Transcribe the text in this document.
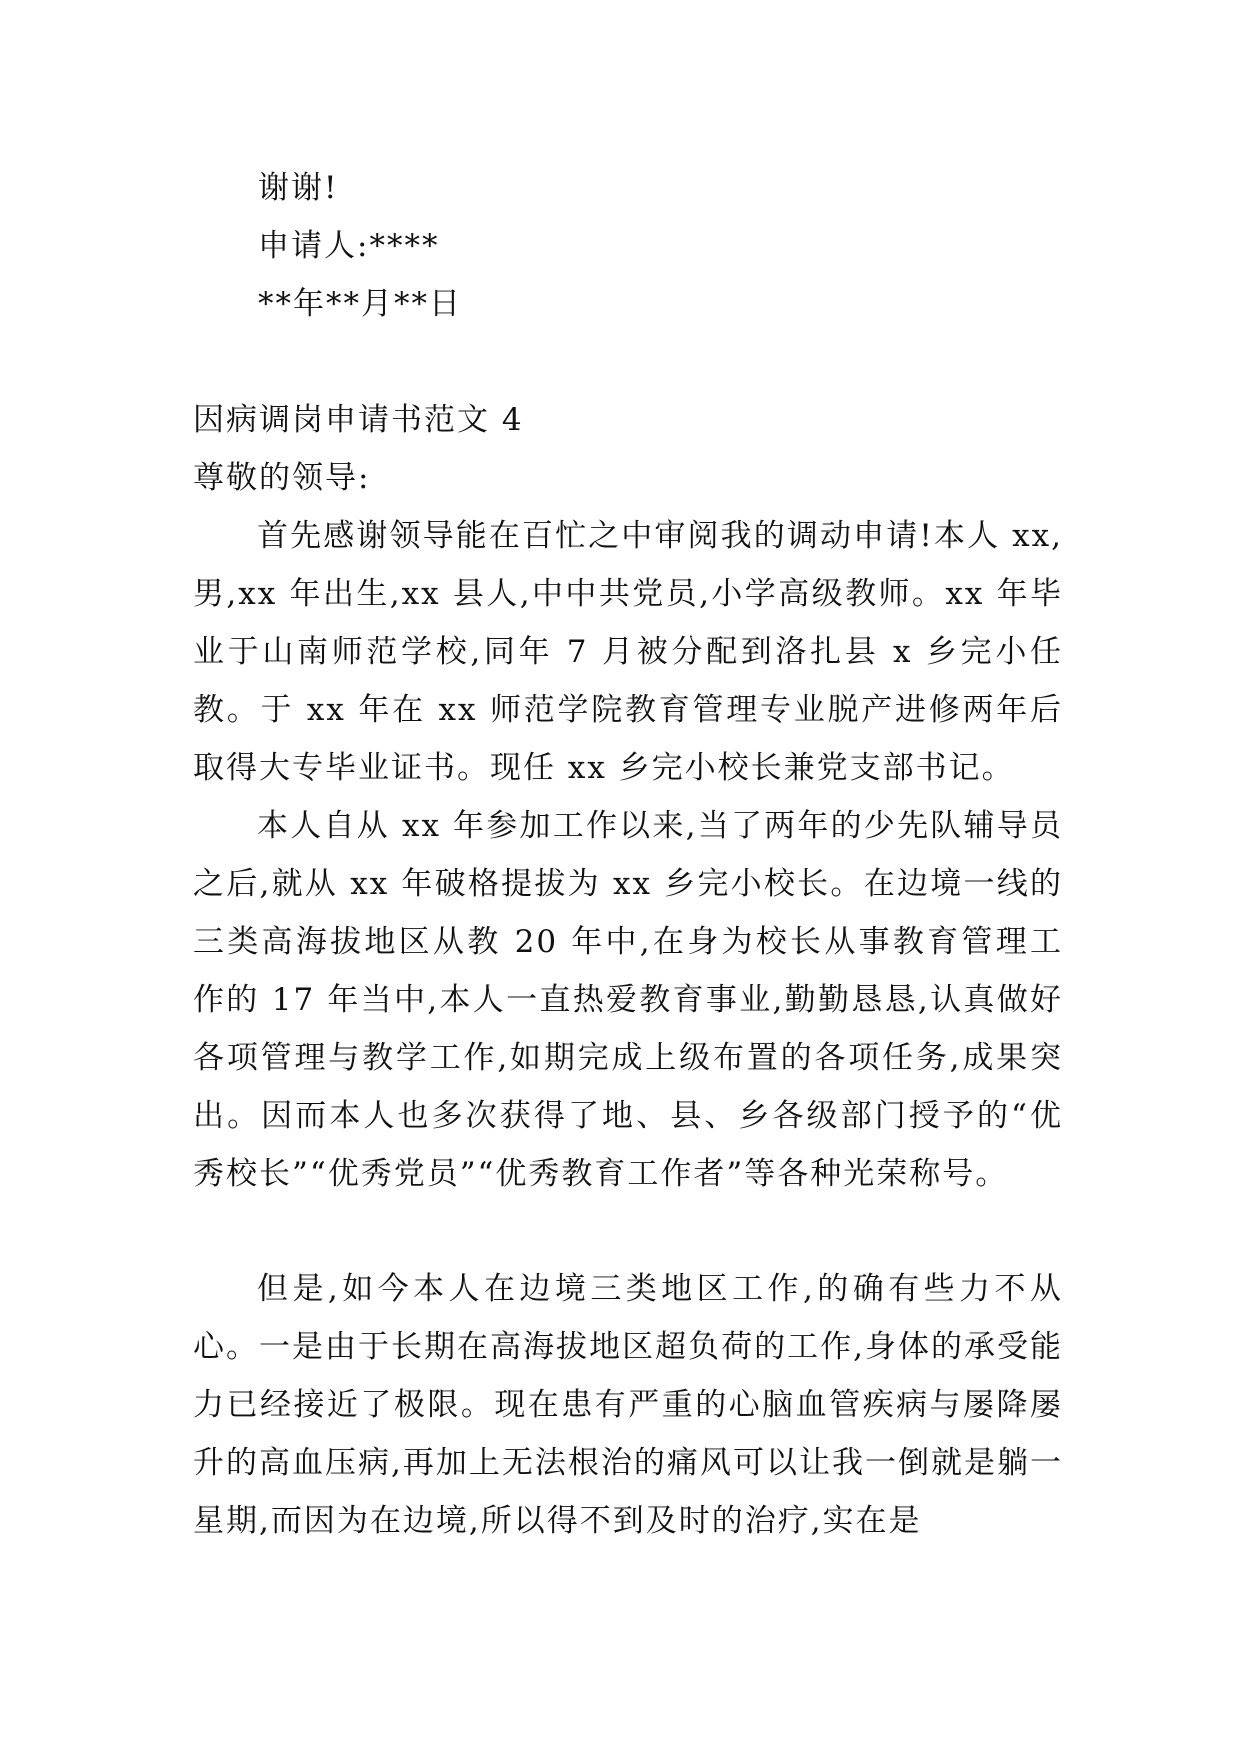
谢谢!
申请人:****
**年**月**日
因病调岗申请书范文 4
尊敬的领导:

首先感谢领导能在百忙之中审阅我的调动申请!本人 xx,男,xx 年出生,xx 县人,中中共党员,小学高级教师。xx 年毕业于山南师范学校,同年 7 月被分配到洛扎县 x 乡完小任教。于 xx 年在 xx 师范学院教育管理专业脱产进修两年后取得大专毕业证书。现任 xx 乡完小校长兼党支部书记。

本人自从 xx 年参加工作以来,当了两年的少先队辅导员之后,就从 xx 年破格提拔为 xx 乡完小校长。在边境一线的三类高海拔地区从教 20 年中,在身为校长从事教育管理工作的 17 年当中,本人一直热爱教育事业,勤勤恳恳,认真做好各项管理与教学工作,如期完成上级布置的各项任务,成果突出。因而本人也多次获得了地、县、乡各级部门授予的“优秀校长”“优秀党员”“优秀教育工作者”等各种光荣称号。

但是,如今本人在边境三类地区工作,的确有些力不从心。一是由于长期在高海拔地区超负荷的工作,身体的承受能力已经接近了极限。现在患有严重的心脑血管疾病与屡降屡升的高血压病,再加上无法根治的痛风可以让我一倒就是躺一星期,而因为在边境,所以得不到及时的治疗,实在是
